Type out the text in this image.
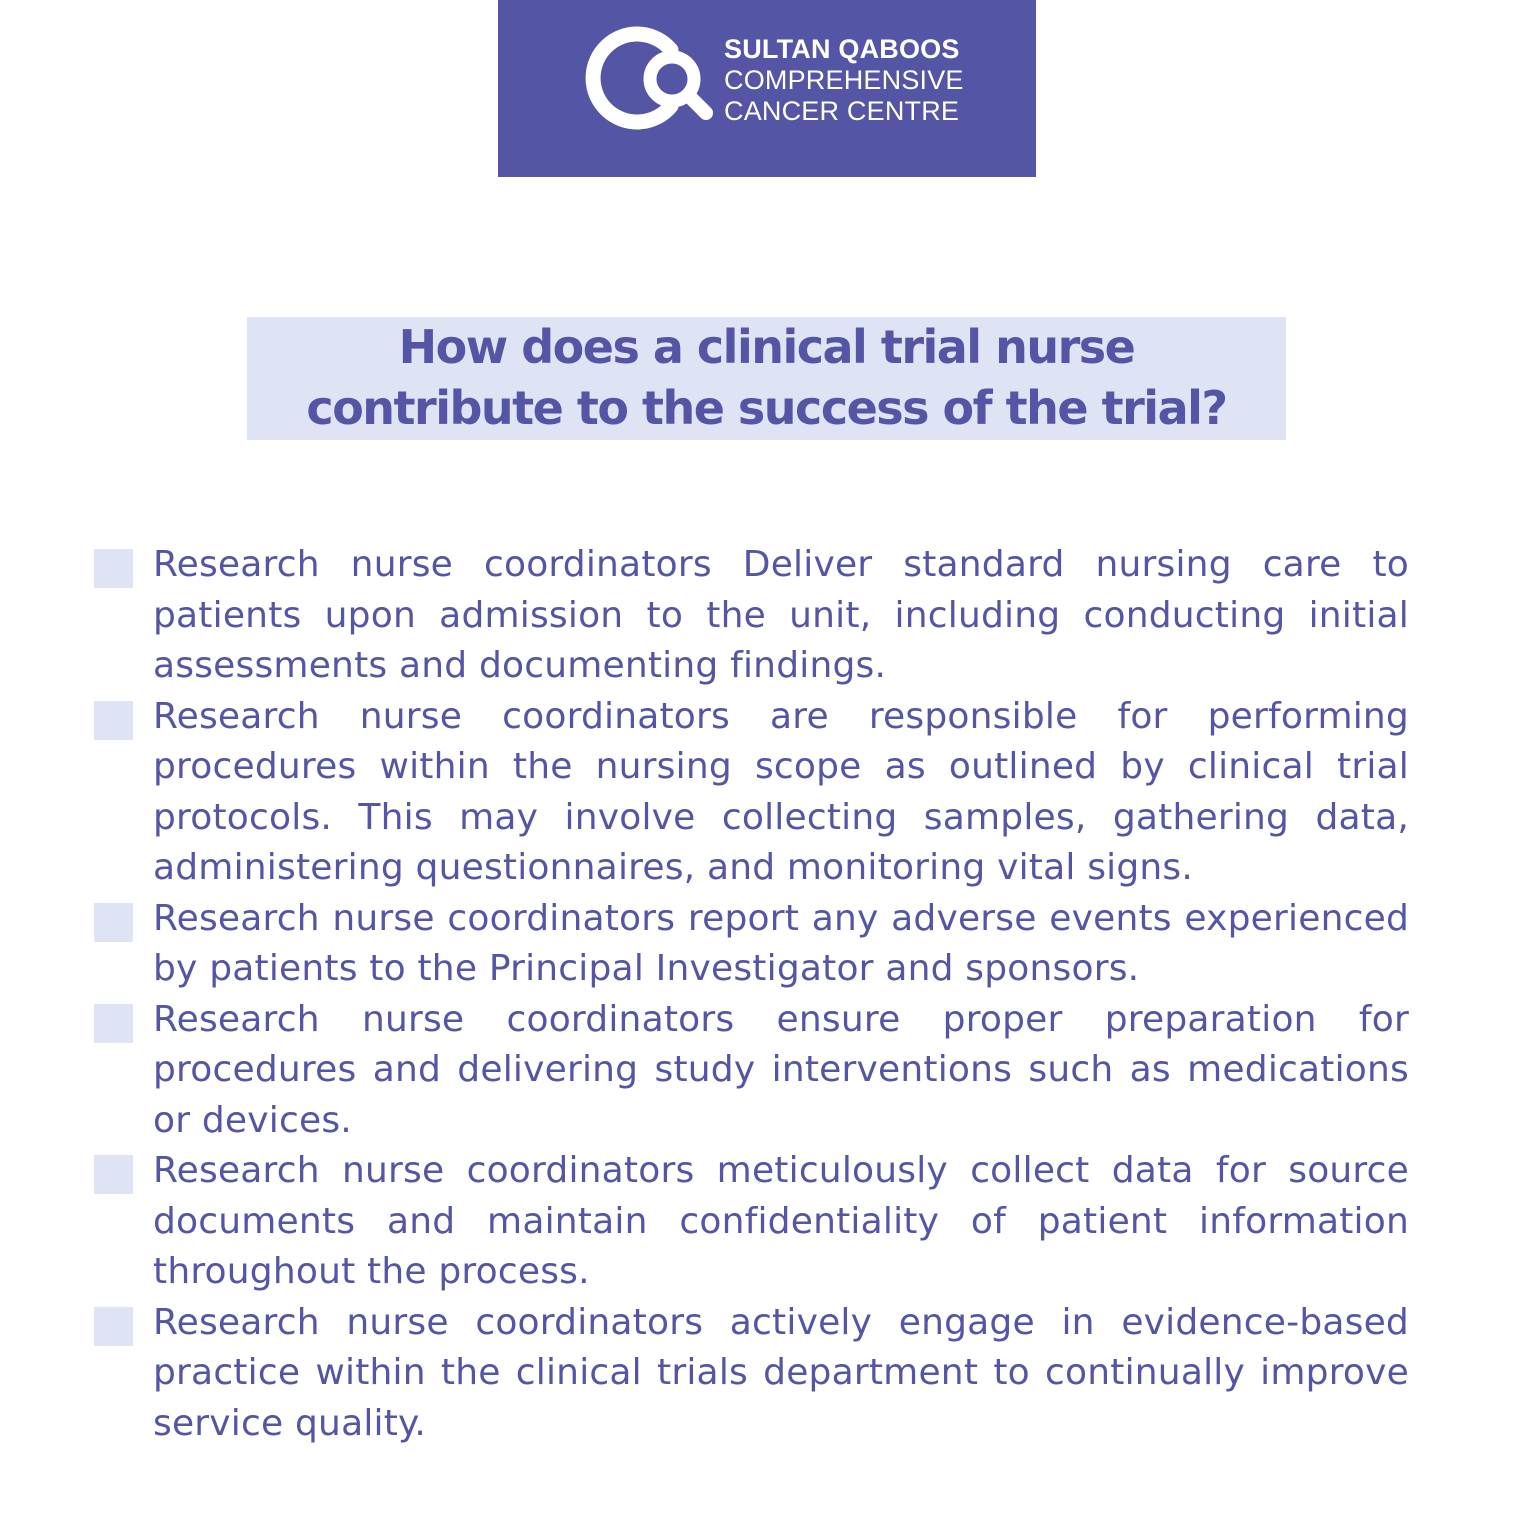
SULTAN QABOOS
COMPREHENSIVE
CANCER CENTRE
How does a clinical trial nurse
contribute to the success of the trial?
Research nurse coordinators Deliver standard nursing care to patients upon admission to the unit, including conducting initial assessments and documenting findings.
Research nurse coordinators are responsible for performing procedures within the nursing scope as outlined by clinical trial protocols. This may involve collecting samples, gathering data, administering questionnaires, and monitoring vital signs.
Research nurse coordinators report any adverse events experienced by patients to the Principal Investigator and sponsors.
Research nurse coordinators ensure proper preparation for procedures and delivering study interventions such as medications or devices.
Research nurse coordinators meticulously collect data for source documents and maintain confidentiality of patient information throughout the process.
Research nurse coordinators actively engage in evidence-based practice within the clinical trials department to continually improve service quality.
